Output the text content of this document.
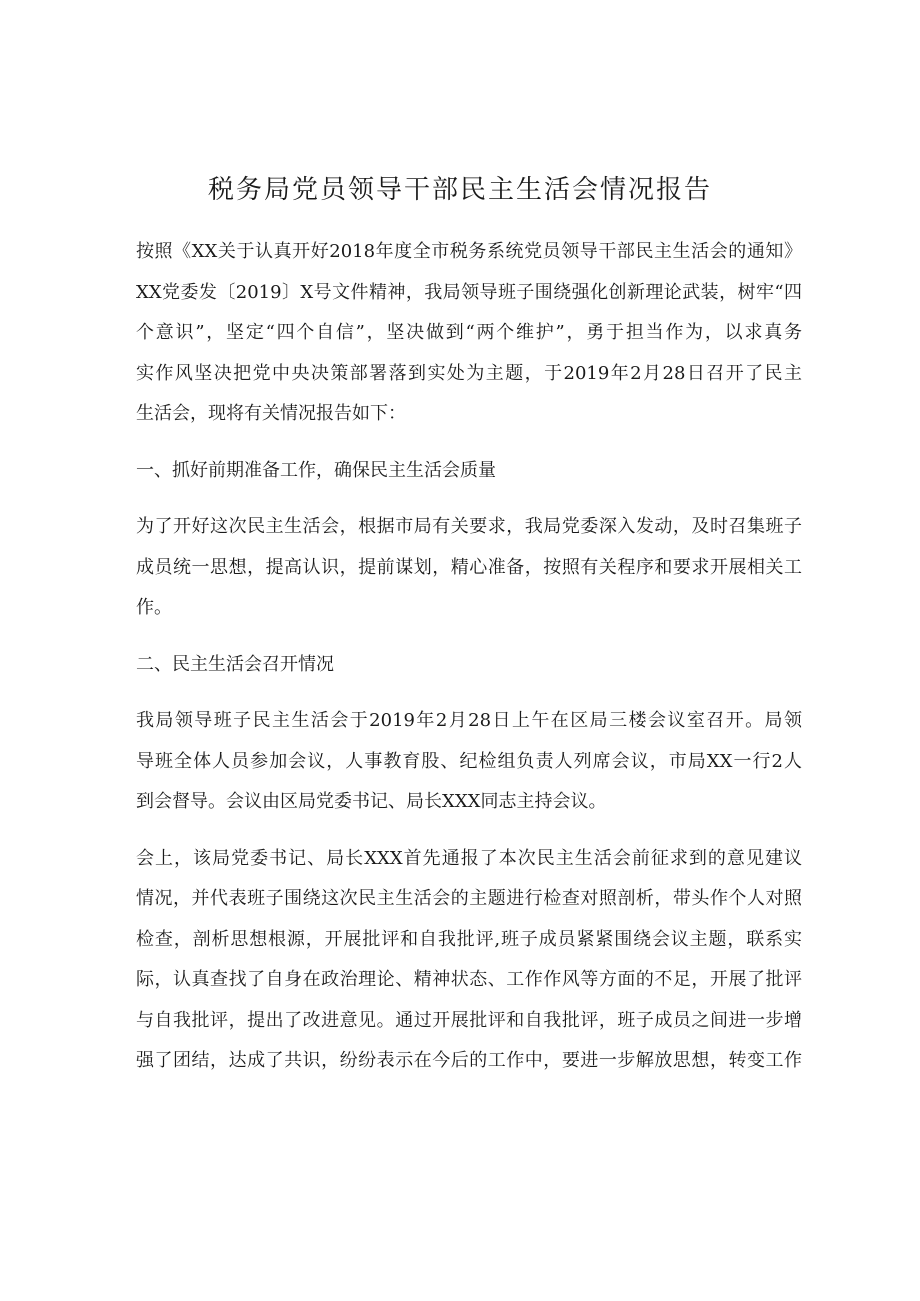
税务局党员领导干部民主生活会情况报告
按照《XX关于认真开好2018年度全市税务系统党员领导干部民主生活会的通知》
XX党委发〔2019〕X号文件精神，我局领导班子围绕强化创新理论武装，树牢“四
个意识”，坚定“四个自信”，坚决做到“两个维护”，勇于担当作为，以求真务
实作风坚决把党中央决策部署落到实处为主题，于2019年2月28日召开了民主
生活会，现将有关情况报告如下：
一、抓好前期准备工作，确保民主生活会质量
为了开好这次民主生活会，根据市局有关要求，我局党委深入发动，及时召集班子
成员统一思想，提高认识，提前谋划，精心准备，按照有关程序和要求开展相关工
作。
二、民主生活会召开情况
我局领导班子民主生活会于2019年2月28日上午在区局三楼会议室召开。局领
导班全体人员参加会议，人事教育股、纪检组负责人列席会议，市局XX一行2人
到会督导。会议由区局党委书记、局长XXX同志主持会议。
会上，该局党委书记、局长XXX首先通报了本次民主生活会前征求到的意见建议
情况，并代表班子围绕这次民主生活会的主题进行检查对照剖析，带头作个人对照
检查，剖析思想根源，开展批评和自我批评,班子成员紧紧围绕会议主题，联系实
际，认真查找了自身在政治理论、精神状态、工作作风等方面的不足，开展了批评
与自我批评，提出了改进意见。通过开展批评和自我批评，班子成员之间进一步增
强了团结，达成了共识，纷纷表示在今后的工作中，要进一步解放思想，转变工作
